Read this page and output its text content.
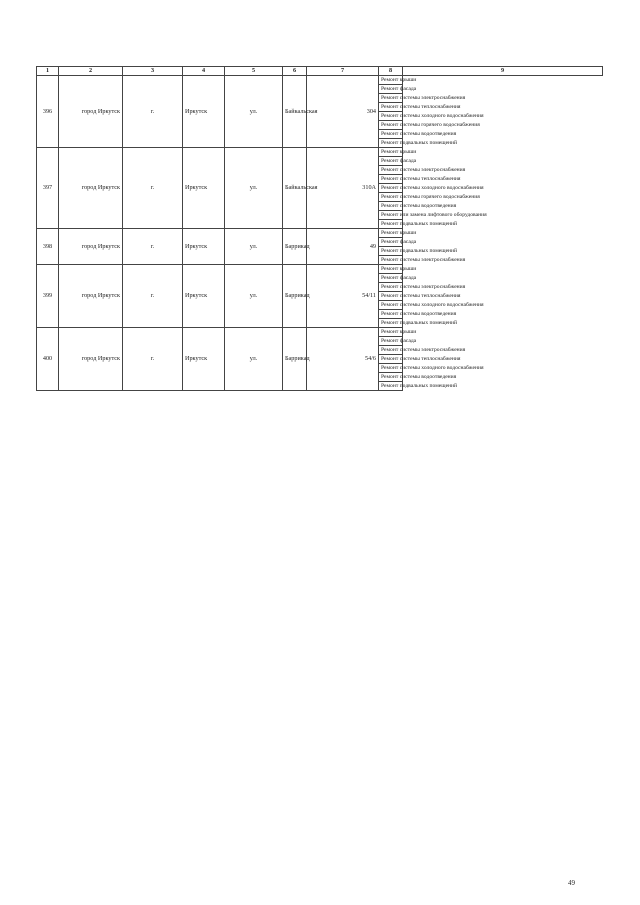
1	2	3	4	5	6	7	8	9
396	город Иркутск	г.	Иркутск	ул.	Байкальская	304	Ремонт крыши	
							Ремонт фасада	
							Ремонт системы электроснабжения	
							Ремонт системы теплоснабжения	
							Ремонт системы холодного водоснабжения	
							Ремонт системы горячего водоснабжения	
							Ремонт системы водоотведения	
							Ремонт подвальных помещений	
397	город Иркутск	г.	Иркутск	ул.	Байкальская	310А	Ремонт крыши	
							Ремонт фасада	
							Ремонт системы электроснабжения	
							Ремонт системы теплоснабжения	
							Ремонт системы холодного водоснабжения	
							Ремонт системы горячего водоснабжения	
							Ремонт системы водоотведения	
							Ремонт или замена лифтового оборудования	
							Ремонт подвальных помещений	
398	город Иркутск	г.	Иркутск	ул.	Баррикад	49	Ремонт крыши	
							Ремонт фасада	
							Ремонт подвальных помещений	
							Ремонт системы электроснабжения	
399	город Иркутск	г.	Иркутск	ул.	Баррикад	54/11	Ремонт крыши	
							Ремонт фасада	
							Ремонт системы электроснабжения	
							Ремонт системы теплоснабжения	
							Ремонт системы холодного водоснабжения	
							Ремонт системы водоотведения	
							Ремонт подвальных помещений	
400	город Иркутск	г.	Иркутск	ул.	Баррикад	54/6	Ремонт крыши	
							Ремонт фасада	
							Ремонт системы электроснабжения	
							Ремонт системы теплоснабжения	
							Ремонт системы холодного водоснабжения	
							Ремонт системы водоотведения	
							Ремонт подвальных помещений	
49
